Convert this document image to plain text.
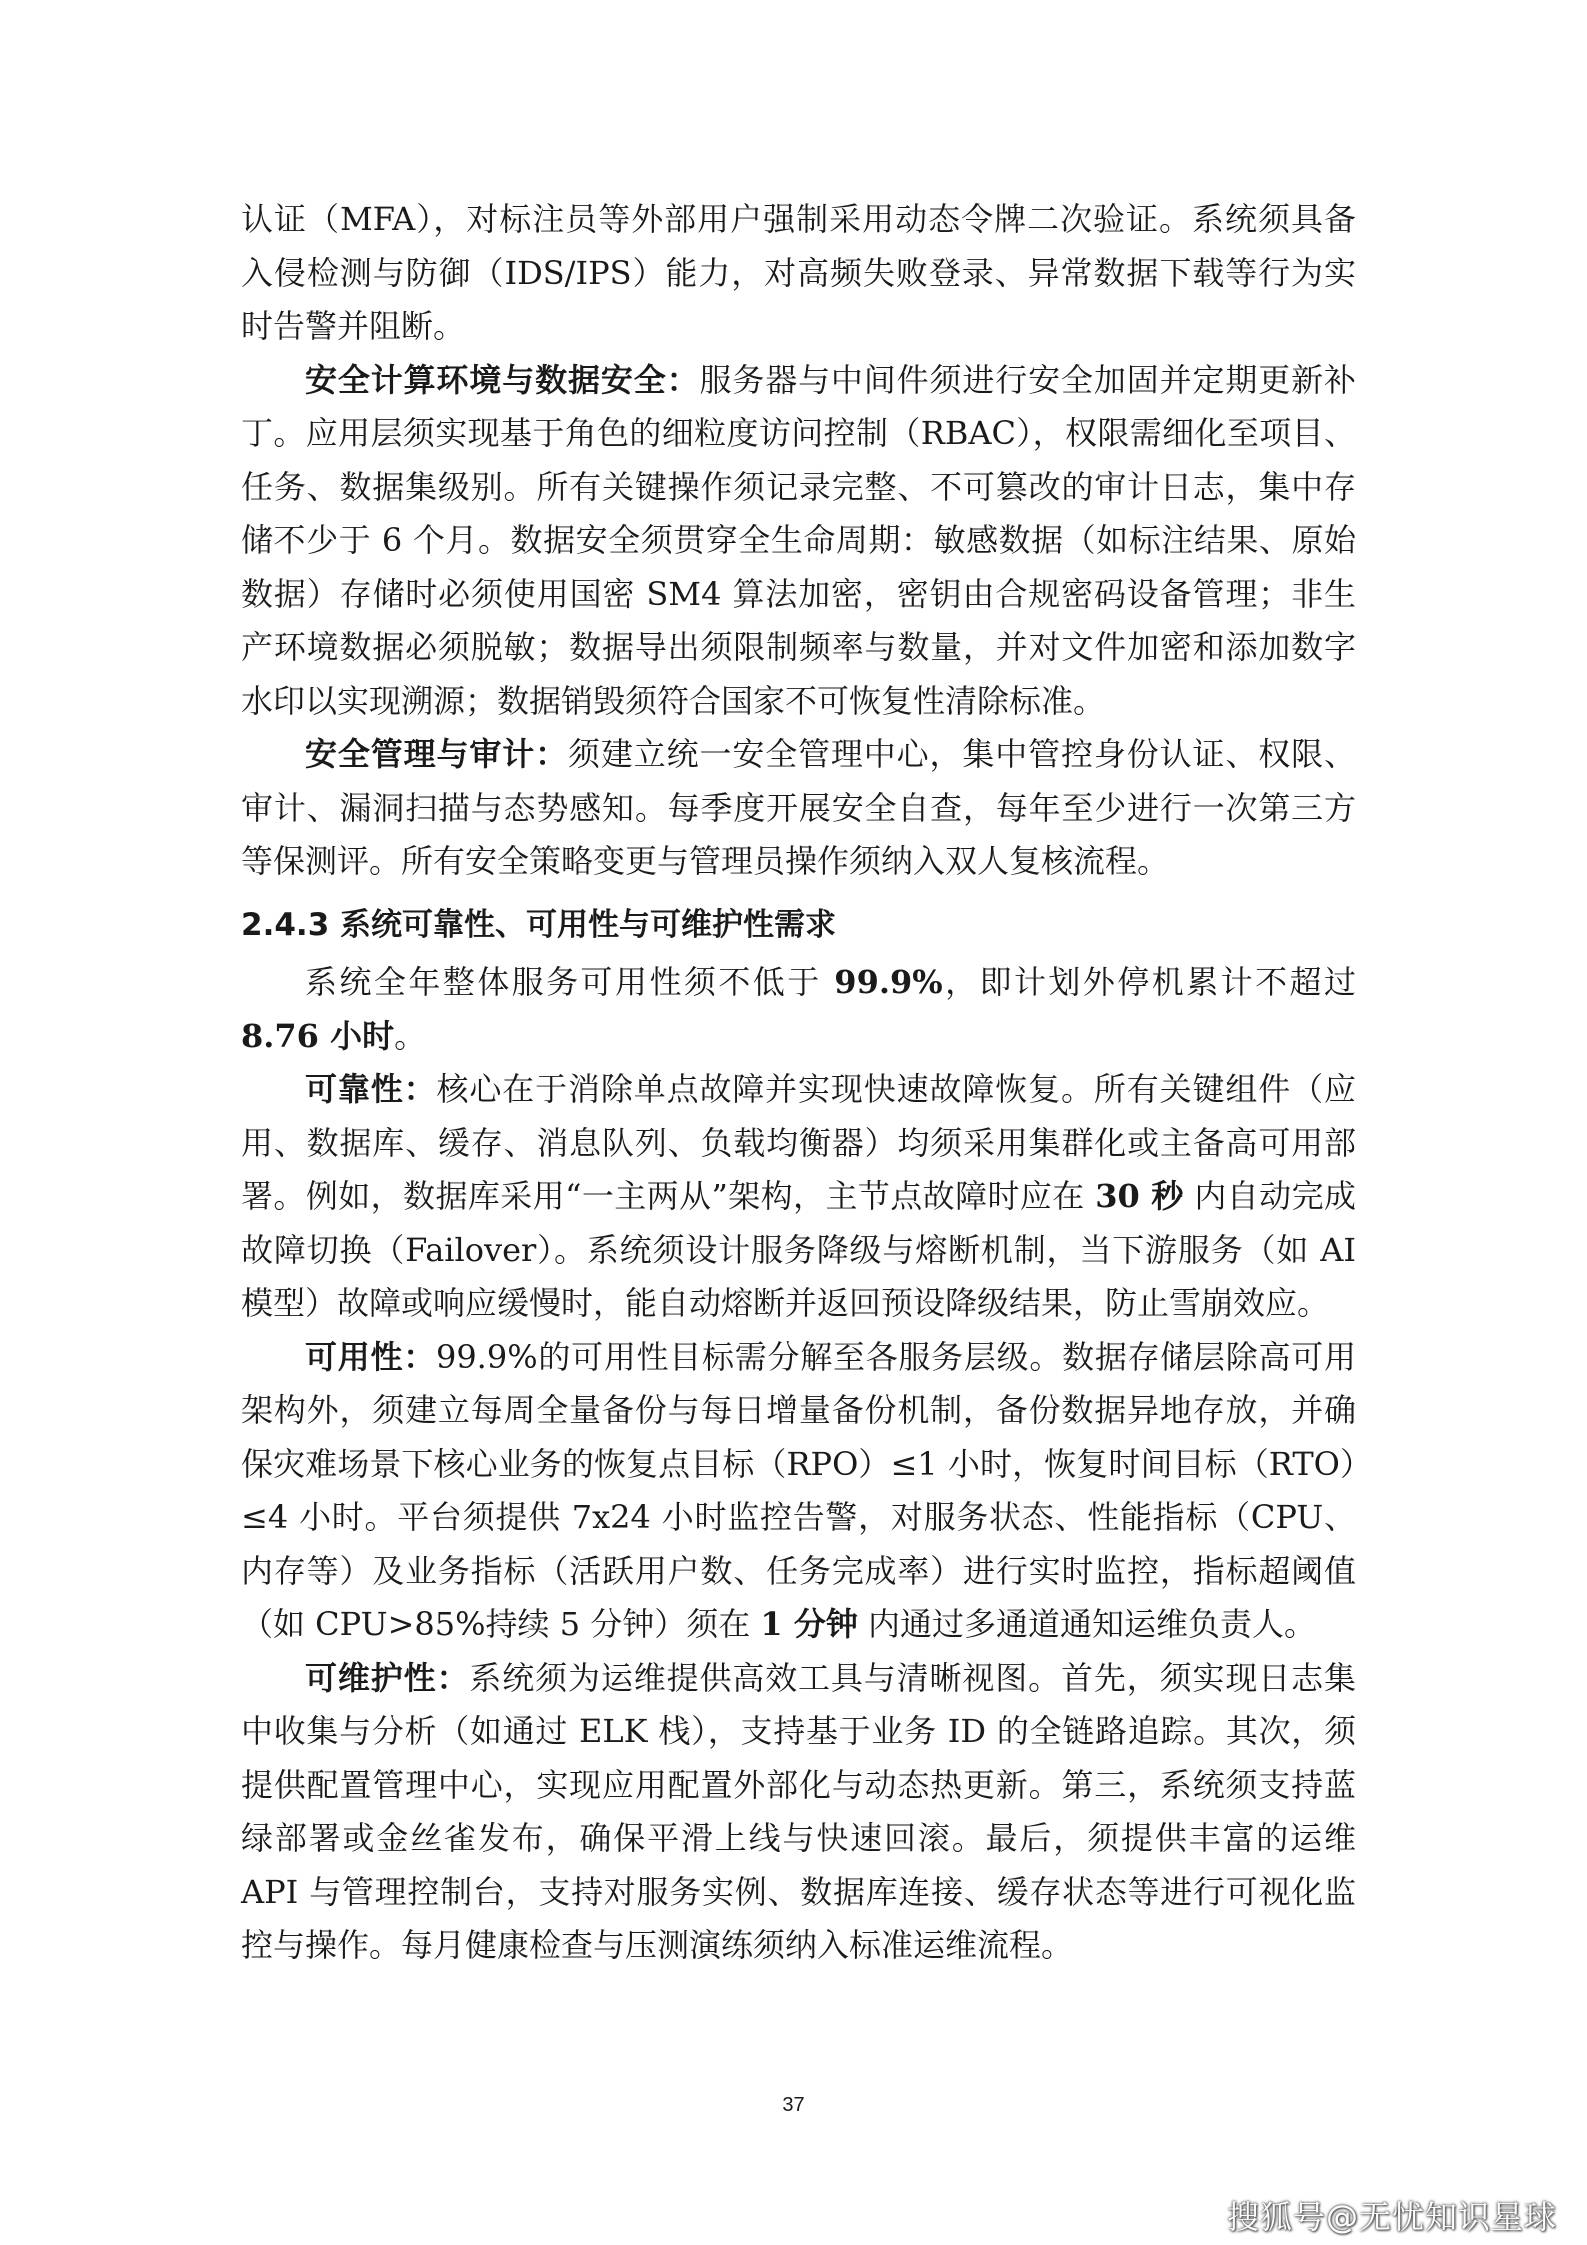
认证（MFA），对标注员等外部用户强制采用动态令牌二次验证。系统须具备入侵检测与防御（IDS/IPS）能力，对高频失败登录、异常数据下载等行为实时告警并阻断。

安全计算环境与数据安全：服务器与中间件须进行安全加固并定期更新补丁。应用层须实现基于角色的细粒度访问控制（RBAC），权限需细化至项目、任务、数据集级别。所有关键操作须记录完整、不可篡改的审计日志，集中存储不少于 6 个月。数据安全须贯穿全生命周期：敏感数据（如标注结果、原始数据）存储时必须使用国密 SM4 算法加密，密钥由合规密码设备管理；非生产环境数据必须脱敏；数据导出须限制频率与数量，并对文件加密和添加数字水印以实现溯源；数据销毁须符合国家不可恢复性清除标准。

安全管理与审计：须建立统一安全管理中心，集中管控身份认证、权限、审计、漏洞扫描与态势感知。每季度开展安全自查，每年至少进行一次第三方等保测评。所有安全策略变更与管理员操作须纳入双人复核流程。

2.4.3 系统可靠性、可用性与可维护性需求

系统全年整体服务可用性须不低于 99.9%，即计划外停机累计不超过 8.76 小时。

可靠性：核心在于消除单点故障并实现快速故障恢复。所有关键组件（应用、数据库、缓存、消息队列、负载均衡器）均须采用集群化或主备高可用部署。例如，数据库采用“一主两从”架构，主节点故障时应在 30 秒 内自动完成故障切换（Failover）。系统须设计服务降级与熔断机制，当下游服务（如 AI 模型）故障或响应缓慢时，能自动熔断并返回预设降级结果，防止雪崩效应。

可用性：99.9%的可用性目标需分解至各服务层级。数据存储层除高可用架构外，须建立每周全量备份与每日增量备份机制，备份数据异地存放，并确保灾难场景下核心业务的恢复点目标（RPO）≤1 小时，恢复时间目标（RTO）≤4 小时。平台须提供 7x24 小时监控告警，对服务状态、性能指标（CPU、内存等）及业务指标（活跃用户数、任务完成率）进行实时监控，指标超阈值（如 CPU>85%持续 5 分钟）须在 1 分钟 内通过多通道通知运维负责人。

可维护性：系统须为运维提供高效工具与清晰视图。首先，须实现日志集中收集与分析（如通过 ELK 栈），支持基于业务 ID 的全链路追踪。其次，须提供配置管理中心，实现应用配置外部化与动态热更新。第三，系统须支持蓝绿部署或金丝雀发布，确保平滑上线与快速回滚。最后，须提供丰富的运维 API 与管理控制台，支持对服务实例、数据库连接、缓存状态等进行可视化监控与操作。每月健康检查与压测演练须纳入标准运维流程。

37
搜狐号@无忧知识星球
